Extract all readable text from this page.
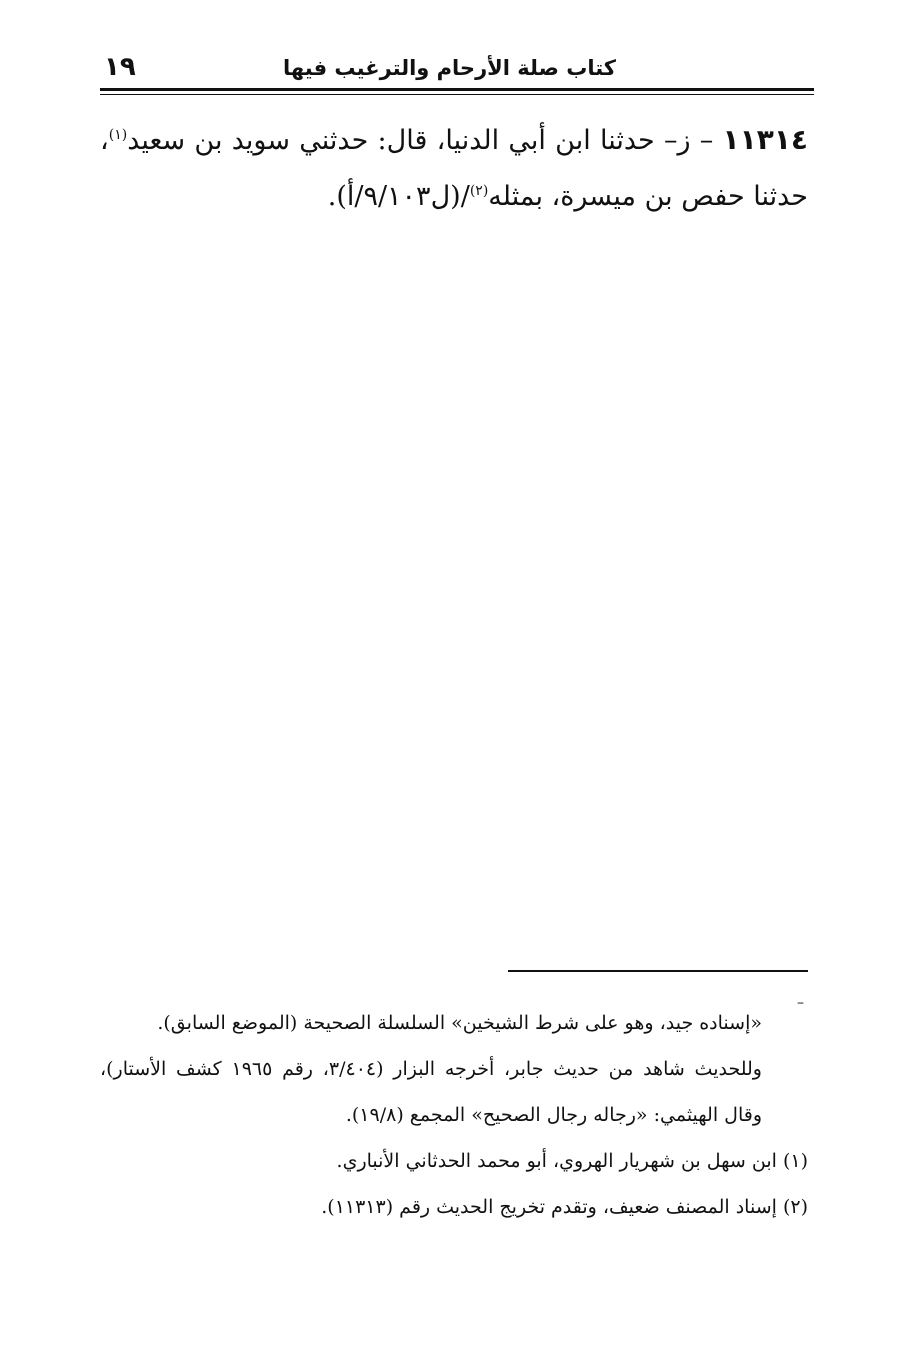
كتاب صلة الأرحام والترغيب فيها
١٩
١١٣١٤ – ز– حدثنا ابن أبي الدنيا، قال: حدثني سويد بن سعيد$^{(١)}$، حدثنا حفص بن ميسرة، بمثله$^{(٢)}$/(ل٩/١٠٣/أ).
–

«إسناده جيد، وهو على شرط الشيخين» السلسلة الصحيحة (الموضع السابق).

وللحديث شاهد من حديث جابر، أخرجه البزار (٣/٤٠٤، رقم ١٩٦٥ كشف الأستار)، وقال الهيثمي: «رجاله رجال الصحيح» المجمع (١٩/٨).

(١) ابن سهل بن شهريار الهروي، أبو محمد الحدثاني الأنباري.

(٢) إسناد المصنف ضعيف، وتقدم تخريج الحديث رقم (١١٣١٣).
